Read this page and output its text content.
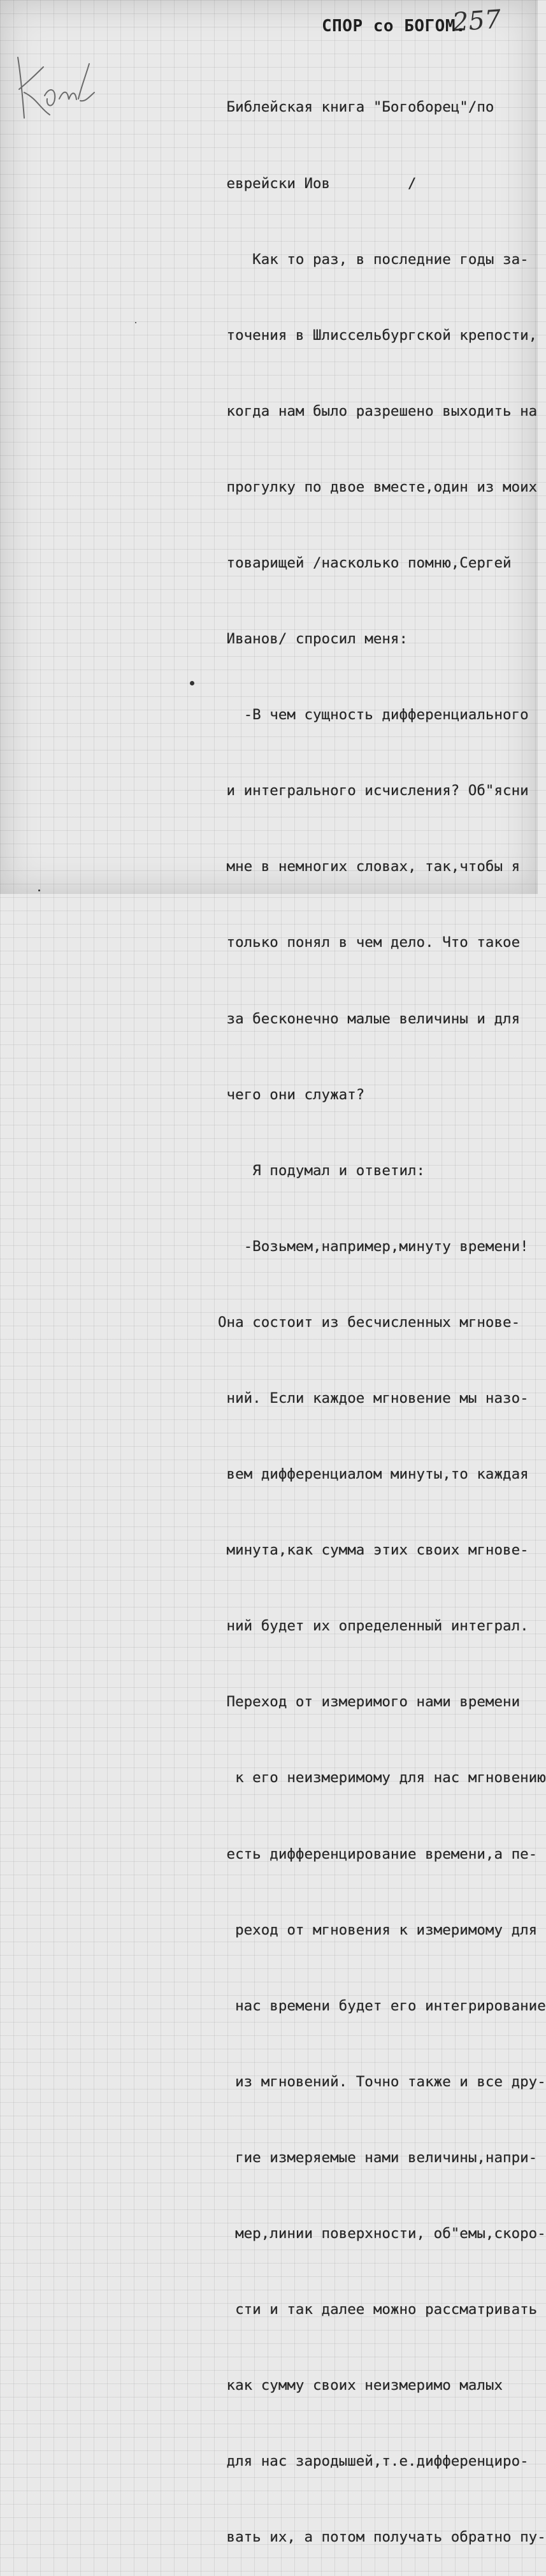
257
СПОР со БОГОМ.

Библейская книга "Богоборец"/по

еврейски Иов         /

Как то раз, в последние годы за-

точения в Шлиссельбургской крепости,

когда нам было разрешено выходить на

прогулку по двое вместе,один из моих

товарищей /насколько помню,Сергей

Иванов/ спросил меня:

-В чем сущность дифференциального

и интегрального исчисления? Об"ясни

мне в немногих словах, так,чтобы я

только понял в чем дело. Что такое

за бесконечно малые величины и для

чего они служат?

Я подумал и ответил:

-Возьмем,например,минуту времени!

Она состоит из бесчисленных мгнове-

ний. Если каждое мгновение мы назо-

вем дифференциалом минуты,то каждая

минута,как сумма этих своих мгнове-

ний будет их определенный интеграл.

Переход от измеримого нами времени

к его неизмеримому для нас мгновению

есть дифференцирование времени,а пе-

реход от мгновения к измеримому для

нас времени будет его интегрирование

из мгновений. Точно также и все дру-

гие измеряемые нами величины,напри-

мер,линии поверхности, об"емы,скоро-

сти и так далее можно рассматривать

как сумму своих неизмеримо малых

для нас зародышей,т.е.дифференциро-

вать их, а потом получать обратно пу-
